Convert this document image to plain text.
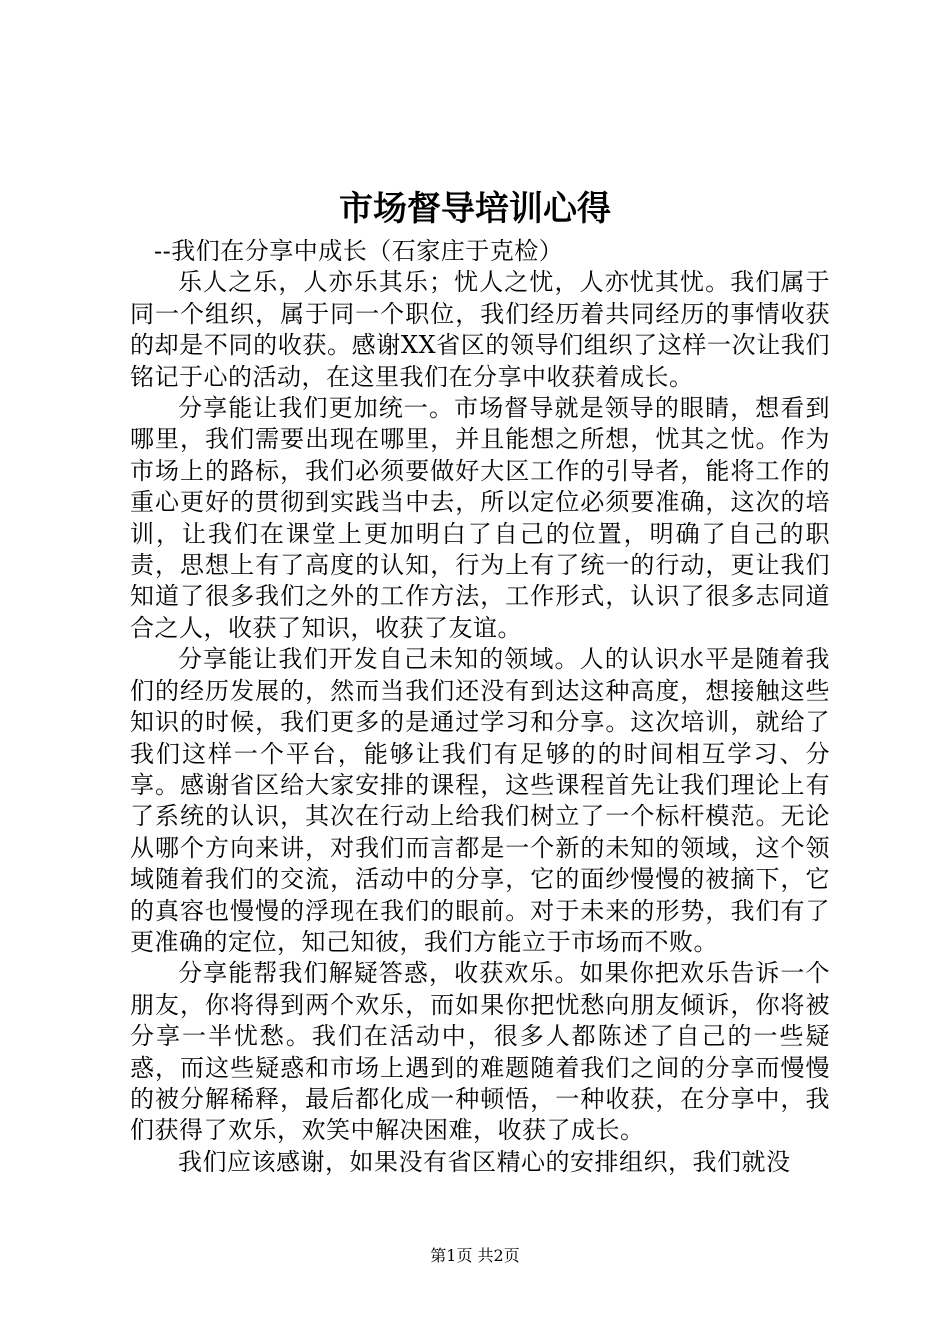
市场督导培训心得

--我们在分享中成长（石家庄于克检）

乐人之乐，人亦乐其乐；忧人之忧，人亦忧其忧。我们属于同一个组织，属于同一个职位，我们经历着共同经历的事情收获的却是不同的收获。感谢XX省区的领导们组织了这样一次让我们铭记于心的活动，在这里我们在分享中收获着成长。

分享能让我们更加统一。市场督导就是领导的眼睛，想看到哪里，我们需要出现在哪里，并且能想之所想，忧其之忧。作为市场上的路标，我们必须要做好大区工作的引导者，能将工作的重心更好的贯彻到实践当中去，所以定位必须要准确，这次的培训，让我们在课堂上更加明白了自己的位置，明确了自己的职责，思想上有了高度的认知，行为上有了统一的行动，更让我们知道了很多我们之外的工作方法，工作形式，认识了很多志同道合之人，收获了知识，收获了友谊。

分享能让我们开发自己未知的领域。人的认识水平是随着我们的经历发展的，然而当我们还没有到达这种高度，想接触这些知识的时候，我们更多的是通过学习和分享。这次培训，就给了我们这样一个平台，能够让我们有足够的的时间相互学习、分享。感谢省区给大家安排的课程，这些课程首先让我们理论上有了系统的认识，其次在行动上给我们树立了一个标杆模范。无论从哪个方向来讲，对我们而言都是一个新的未知的领域，这个领域随着我们的交流，活动中的分享，它的面纱慢慢的被摘下，它的真容也慢慢的浮现在我们的眼前。对于未来的形势，我们有了更准确的定位，知己知彼，我们方能立于市场而不败。

分享能帮我们解疑答惑，收获欢乐。如果你把欢乐告诉一个朋友，你将得到两个欢乐，而如果你把忧愁向朋友倾诉，你将被分享一半忧愁。我们在活动中，很多人都陈述了自己的一些疑惑，而这些疑惑和市场上遇到的难题随着我们之间的分享而慢慢的被分解稀释，最后都化成一种顿悟，一种收获，在分享中，我们获得了欢乐，欢笑中解决困难，收获了成长。

我们应该感谢，如果没有省区精心的安排组织，我们就没

第1页 共2页
